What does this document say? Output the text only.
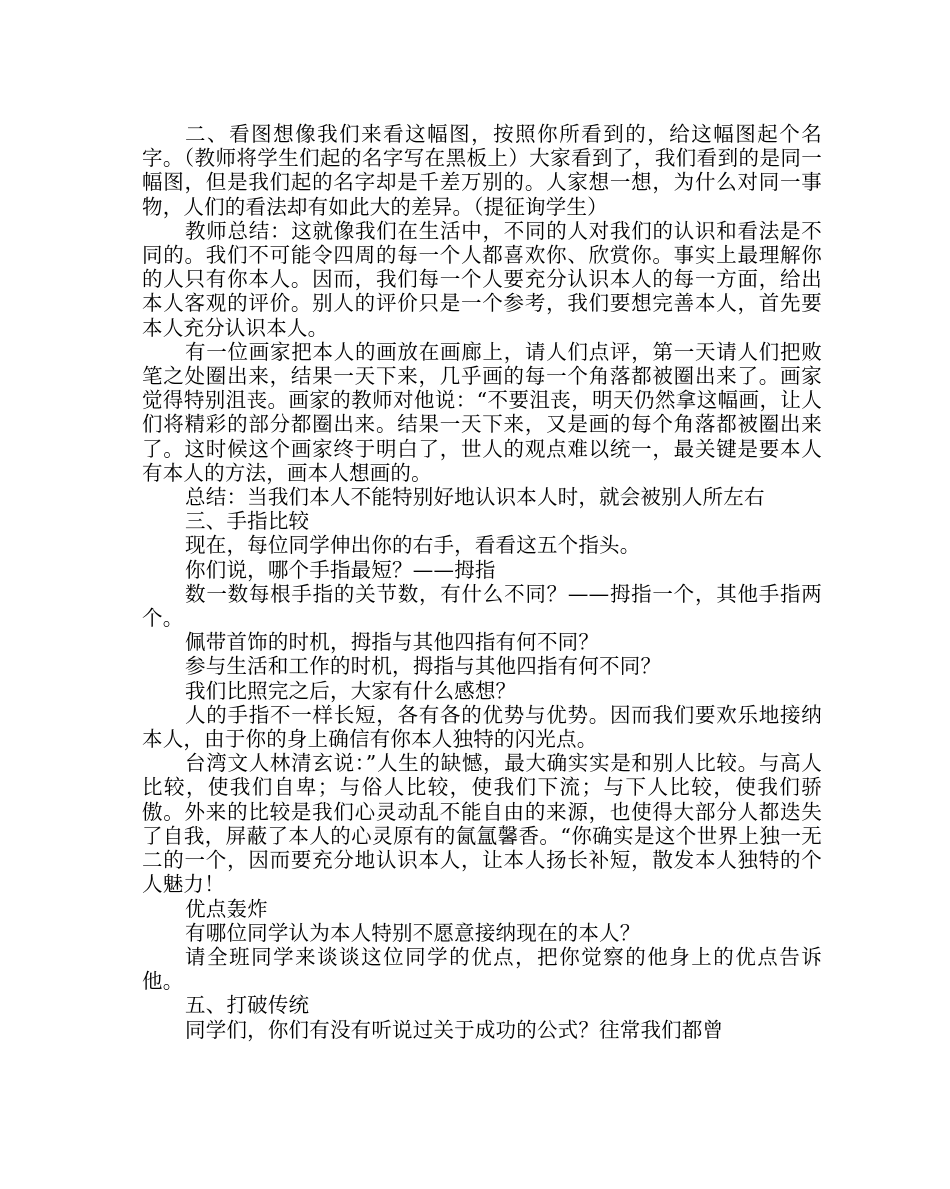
二、看图想像我们来看这幅图，按照你所看到的，给这幅图起个名字。（教师将学生们起的名字写在黑板上）大家看到了，我们看到的是同一幅图，但是我们起的名字却是千差万别的。人家想一想，为什么对同一事物，人们的看法却有如此大的差异。（提征询学生）

教师总结：这就像我们在生活中，不同的人对我们的认识和看法是不同的。我们不可能令四周的每一个人都喜欢你、欣赏你。事实上最理解你的人只有你本人。因而，我们每一个人要充分认识本人的每一方面，给出本人客观的评价。别人的评价只是一个参考，我们要想完善本人，首先要本人充分认识本人。

有一位画家把本人的画放在画廊上，请人们点评，第一天请人们把败笔之处圈出来，结果一天下来，几乎画的每一个角落都被圈出来了。画家觉得特别沮丧。画家的教师对他说：“不要沮丧，明天仍然拿这幅画，让人们将精彩的部分都圈出来。结果一天下来，又是画的每个角落都被圈出来了。这时候这个画家终于明白了，世人的观点难以统一，最关键是要本人有本人的方法，画本人想画的。

总结：当我们本人不能特别好地认识本人时，就会被别人所左右

三、手指比较

现在，每位同学伸出你的右手，看看这五个指头。

你们说，哪个手指最短？——拇指

数一数每根手指的关节数，有什么不同？——拇指一个，其他手指两个。

佩带首饰的时机，拇指与其他四指有何不同？

参与生活和工作的时机，拇指与其他四指有何不同？

我们比照完之后，大家有什么感想？

人的手指不一样长短，各有各的优势与优势。因而我们要欢乐地接纳本人，由于你的身上确信有你本人独特的闪光点。

台湾文人林清玄说：”人生的缺憾，最大确实实是和别人比较。与高人比较，使我们自卑；与俗人比较，使我们下流；与下人比较，使我们骄傲。外来的比较是我们心灵动乱不能自由的来源，也使得大部分人都迭失了自我，屏蔽了本人的心灵原有的氤氲馨香。“你确实是这个世界上独一无二的一个，因而要充分地认识本人，让本人扬长补短，散发本人独特的个人魅力！

优点轰炸

有哪位同学认为本人特别不愿意接纳现在的本人？

请全班同学来谈谈这位同学的优点，把你觉察的他身上的优点告诉他。

五、打破传统

同学们，你们有没有听说过关于成功的公式？往常我们都曾
